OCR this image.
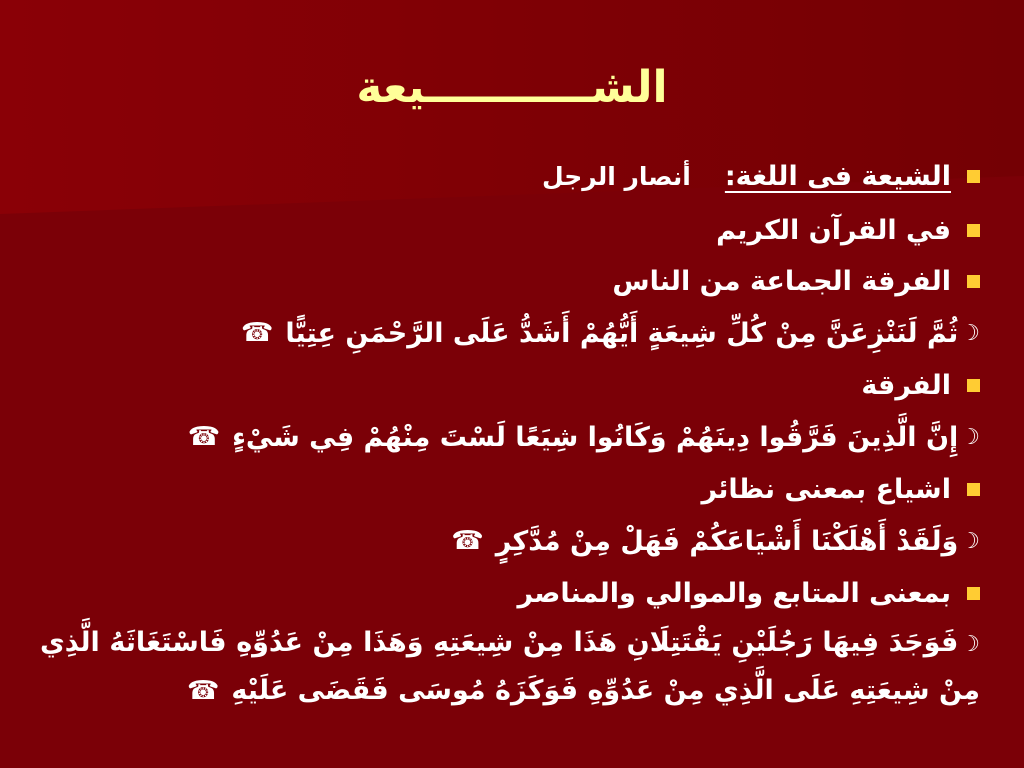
الشـــــــــــيعة
الشيعة فى اللغة:
أنصار الرجل
في القرآن الكريم
الفرقة الجماعة من الناس
☽
ثُمَّ لَنَنْزِعَنَّ مِنْ كُلِّ شِيعَةٍ أَيُّهُمْ أَشَدُّ عَلَى الرَّحْمَنِ عِتِيًّا
☎
الفرقة
☽
إِنَّ الَّذِينَ فَرَّقُوا دِينَهُمْ وَكَانُوا شِيَعًا لَسْتَ مِنْهُمْ فِي شَيْءٍ
☎
اشياع بمعنى نظائر
☽
وَلَقَدْ أَهْلَكْنَا أَشْيَاعَكُمْ فَهَلْ مِنْ مُدَّكِرٍ
☎
بمعنى المتابع والموالي والمناصر
☽فَوَجَدَ فِيهَا رَجُلَيْنِ يَقْتَتِلَانِ هَذَا مِنْ شِيعَتِهِ وَهَذَا مِنْ عَدُوِّهِ فَاسْتَغَاثَهُ الَّذِي مِنْ شِيعَتِهِ عَلَى الَّذِي مِنْ عَدُوِّهِ فَوَكَزَهُ مُوسَى فَقَضَى عَلَيْهِ☎
